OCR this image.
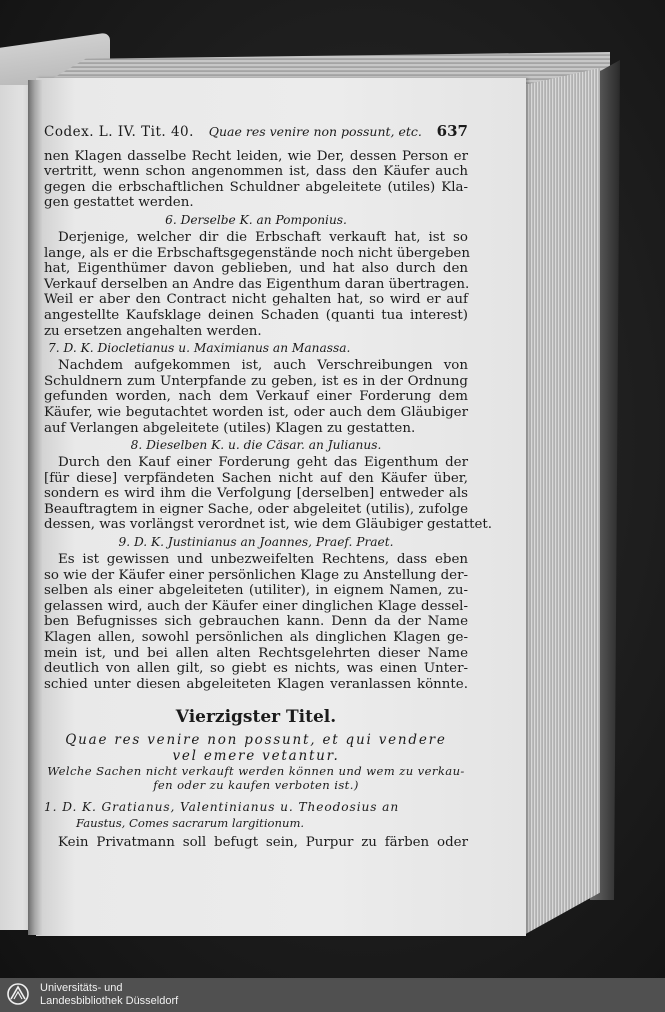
Codex. L. IV. Tit. 40. Quae res venire non possunt, etc. 637
nen Klagen dasselbe Recht leiden, wie Der, dessen Person er
vertritt, wenn schon angenommen ist, dass den Käufer auch
gegen die erbschaftlichen Schuldner abgeleitete (utiles) Kla-
gen gestattet werden.
6. Derselbe K. an Pomponius.
Derjenige, welcher dir die Erbschaft verkauft hat, ist so
lange, als er die Erbschaftsgegenstände noch nicht übergeben
hat, Eigenthümer davon geblieben, und hat also durch den
Verkauf derselben an Andre das Eigenthum daran übertragen.
Weil er aber den Contract nicht gehalten hat, so wird er auf
angestellte Kaufsklage deinen Schaden (quanti tua interest)
zu ersetzen angehalten werden.
7. D. K. Diocletianus u. Maximianus an Manassa.
Nachdem aufgekommen ist, auch Verschreibungen von
Schuldnern zum Unterpfande zu geben, ist es in der Ordnung
gefunden worden, nach dem Verkauf einer Forderung dem
Käufer, wie begutachtet worden ist, oder auch dem Gläubiger
auf Verlangen abgeleitete (utiles) Klagen zu gestatten.
8. Dieselben K. u. die Cäsar. an Julianus.
Durch den Kauf einer Forderung geht das Eigenthum der
[für diese] verpfändeten Sachen nicht auf den Käufer über,
sondern es wird ihm die Verfolgung [derselben] entweder als
Beauftragtem in eigner Sache, oder abgeleitet (utilis), zufolge
dessen, was vorlängst verordnet ist, wie dem Gläubiger gestattet.
9. D. K. Justinianus an Joannes, Praef. Praet.
Es ist gewissen und unbezweifelten Rechtens, dass eben
so wie der Käufer einer persönlichen Klage zu Anstellung der-
selben als einer abgeleiteten (utiliter), in eignem Namen, zu-
gelassen wird, auch der Käufer einer dinglichen Klage dessel-
ben Befugnisses sich gebrauchen kann. Denn da der Name
Klagen allen, sowohl persönlichen als dinglichen Klagen ge-
mein ist, und bei allen alten Rechtsgelehrten dieser Name
deutlich von allen gilt, so giebt es nichts, was einen Unter-
schied unter diesen abgeleiteten Klagen veranlassen könnte.
Vierzigster Titel.
Quae res venire non possunt, et qui vendere
vel emere vetantur.
Welche Sachen nicht verkauft werden können und wem zu verkau-
fen oder zu kaufen verboten ist.)
1. D. K. Gratianus, Valentinianus u. Theodosius an
Faustus, Comes sacrarum largitionum.
Kein Privatmann soll befugt sein, Purpur zu färben oder
Universitäts- und
Landesbibliothek Düsseldorf
